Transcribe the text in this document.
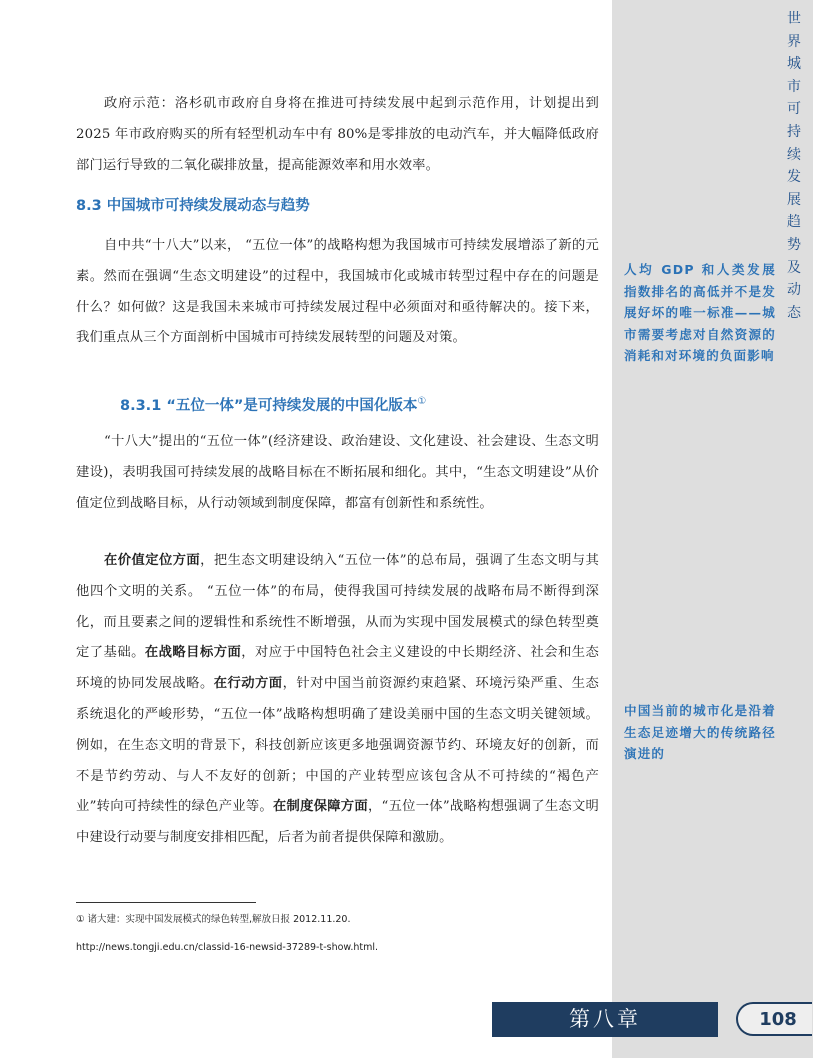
世界城市可持续发展趋势及动态
人均 GDP 和人类发展指数排名的高低并不是发展好坏的唯一标准——城市需要考虑对自然资源的消耗和对环境的负面影响
中国当前的城市化是沿着生态足迹增大的传统路径演进的

政府示范：洛杉矶市政府自身将在推进可持续发展中起到示范作用，计划提出到 2025 年市政府购买的所有轻型机动车中有 80%是零排放的电动汽车，并大幅降低政府部门运行导致的二氧化碳排放量，提高能源效率和用水效率。

8.3 中国城市可持续发展动态与趋势

自中共“十八大”以来， “五位一体”的战略构想为我国城市可持续发展增添了新的元素。然而在强调“生态文明建设”的过程中，我国城市化或城市转型过程中存在的问题是什么？如何做？这是我国未来城市可持续发展过程中必须面对和亟待解决的。接下来，我们重点从三个方面剖析中国城市可持续发展转型的问题及对策。

8.3.1 “五位一体”是可持续发展的中国化版本①

“十八大”提出的“五位一体”(经济建设、政治建设、文化建设、社会建设、生态文明建设)，表明我国可持续发展的战略目标在不断拓展和细化。其中，“生态文明建设”从价值定位到战略目标，从行动领域到制度保障，都富有创新性和系统性。

在价值定位方面，把生态文明建设纳入“五位一体”的总布局，强调了生态文明与其他四个文明的关系。 “五位一体”的布局，使得我国可持续发展的战略布局不断得到深化，而且要素之间的逻辑性和系统性不断增强，从而为实现中国发展模式的绿色转型奠定了基础。在战略目标方面，对应于中国特色社会主义建设的中长期经济、社会和生态环境的协同发展战略。在行动方面，针对中国当前资源约束趋紧、环境污染严重、生态系统退化的严峻形势，“五位一体”战略构想明确了建设美丽中国的生态文明关键领域。例如，在生态文明的背景下，科技创新应该更多地强调资源节约、环境友好的创新，而不是节约劳动、与人不友好的创新；中国的产业转型应该包含从不可持续的“褐色产业”转向可持续性的绿色产业等。在制度保障方面，“五位一体”战略构想强调了生态文明中建设行动要与制度安排相匹配，后者为前者提供保障和激励。

① 诸大建：实现中国发展模式的绿色转型,解放日报 2012.11.20.

http://news.tongji.edu.cn/classid-16-newsid-37289-t-show.html.

第八章	108
